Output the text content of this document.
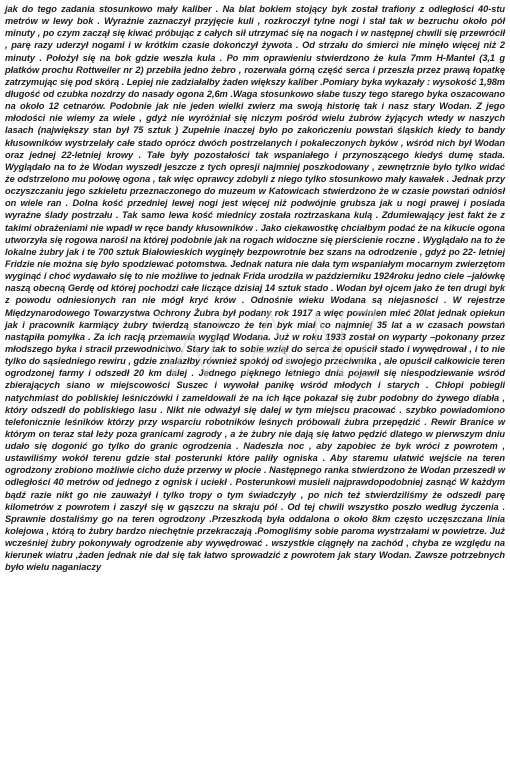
jak do tego zadania stosunkowo mały kaliber . Na blat bokiem stojący byk został trafiony z odległości 40-stu metrów w lewy bok . Wyraźnie zaznaczył przyjęcie kuli , rozkroczył tylne nogi i stał tak w bezruchu około pół minuty , po czym zaczął się kiwać próbując z całych sił utrzymać się na nogach i w następnej chwili się przewrócił , parę razy uderzył nogami i w krótkim czasie dokończył żywota . Od strzału do śmierci nie minęło więcej niż 2 minuty . Położył się na bok gdzie weszła kula . Po mm oprawieniu stwierdzono że kula 7mm H-Mantel (3,1 g płatków prochu Rottweiler nr 2) przebiła jedno żebro , rozerwała górną część serca i przeszła przez prawą łopatkę zatrzymując się pod skórą . Lepiej nie zadziałałby żaden większy kaliber .Pomiary byka wykazały : wysokość 1,98m długość od czubka nozdrzy do nasady ogona 2,6m .Waga stosunkowo słabe tuszy tego starego byka oszacowano na około 12 cetnarów. Podobnie jak nie jeden wielki zwierz ma swoją historię tak i nasz stary Wodan. Z jego młodości nie wiemy za wiele , gdyż nie wyróżniał się niczym pośród wielu żubrów żyjących wtedy w naszych lasach (największy stan był 75 sztuk ) Zupełnie inaczej było po zakończeniu powstań śląskich kiedy to bandy kłusowników wystrzelały całe stado oprócz dwóch postrzelanych i pokaleczonych byków , wśród nich był Wodan oraz jednej 22-letniej krowy . Tałe były pozostałości tak wspaniałego i przynoszącego kiedyś dumę stada. Wyglądało na to że Wodan wyszedł jeszcze z tych opresji najmniej poszkodowany , zewnętrznie było tylko widać że odstrzelono mu połowę ogona , tak więc oprawcy zdobyli z niego tylko stosunkowo mały kawałek . Jednak przy oczyszczaniu jego szkieletu przeznaczonego do muzeum w Katowicach stwierdzono że w czasie powstań odniósł on wiele ran . Dolna kość przedniej lewej nogi jest więcej niż podwójnie grubsza jak u nogi prawej i posiada wyraźne ślady postrzału . Tak samo lewa kość miednicy została roztrzaskana kulą . Zdumiewający jest fakt że z takimi obrażeniami nie wpadł w ręce bandy kłusowników . Jako ciekawostkę chciałbym podać że na kikucie ogona utworzyła się rogowa narośl na której podobnie jak na rogach widoczne się pierścienie roczne . Wyglądało na to że lokalne żubry jak i te 700 sztuk Białowieskich wyginęły bezpowrotnie bez szans na odrodzenie , gdyż po 22- letniej Fridzie nie można się było spodziewać potomstwa. Jednak natura nie dała tym wspaniałym mocarnym zwierzętom wyginąć i choć wydawało się to nie możliwe to jednak Frida urodziła w październiku 1924roku jedno ciele –jałówkę naszą obecną Gerdę od której pochodzi całe liczące dzisiaj 14 sztuk stado . Wodan był ojcem jako że ten drugi byk z powodu odniesionych ran nie mógł kryć krów . Odnośnie wieku Wodana są niejasności . W rejestrze Międzynarodowego Towarzystwa Ochrony Żubra był podany rok 1917 a więc powinien mieć 20lat jednak opiekun jak i pracownik karmiący żubry twierdzą stanowczo że ten byk miał co najmniej 35 lat a w czasach powstań nastąpiła pomyłka . Za ich racją przemawia wygląd Wodana. Już w roku 1933 został on wyparty –pokonany przez młodszego byka i stracił przewodnictwo. Stary tak to sobie wziął do serca że opuścił stado i wywędrował , i to nie tylko do sąsiedniego rewiru , gdzie znalazłby również spokój od swojego przeciwnika , ale opuścił całkowicie teren ogrodzonej farmy i odszedł 20 km dalej . Jednego pięknego letniego dnia pojawił się niespodziewanie wśród zbierających siano w miejscowości Suszec i wywołał panikę wśród młodych i starych . Chłopi pobiegli natychmiast do pobliskiej leśniczówki i zameldowali że na ich łące pokazał się żubr podobny do żywego diabła , który odszedł do pobliskiego lasu . Nikt nie odważył się dalej w tym miejscu pracować . szybko powiadomiono telefonicznie leśników którzy przy wsparciu robotników leśnych próbowali żubra przepędzić . Rewir Branice w którym on teraz stał leży poza granicami zagrody , a że żubry nie dają się łatwo pędzić dlatego w pierwszym dniu udało się dogonić go tylko do granic ogrodzenia . Nadeszła noc , aby zapobiec że byk wróci z powrotem , ustawiliśmy wokół terenu gdzie stał posterunki które paliły ogniska . Aby staremu ułatwić wejście na teren ogrodzony zrobiono możliwie cicho duże przerwy w płocie . Następnego ranka stwierdzono że Wodan przeszedł w odległości 40 metrów od jednego z ognisk i uciekł . Posterunkowi musieli najprawdopodobniej zasnąć W każdym bądź razie nikt go nie zauważył i tylko tropy o tym świadczyły , po nich też stwierdziliśmy że odszedł parę kilometrów z powrotem i zaszył się w gąszczu na skraju pól . Od tej chwili wszystko poszło według życzenia . Sprawnie dostaliśmy go na teren ogrodzony .Przeszkodą była oddalona o około 8km często uczęszczana linia kolejowa , którą to żubry bardzo niechętnie przekraczają .Pomogliśmy sobie paroma wystrzałami w powietrze. Już wcześniej żubry pokonywały ogrodzenie aby wywędrować . wszystkie ciągnęły na zachód , chyba ze względu na kierunek wiatru ,żaden jednak nie dał się tak łatwo sprowadzić z powrotem jak stary Wodan. Zawsze potrzebnych było wielu naganiaczy
